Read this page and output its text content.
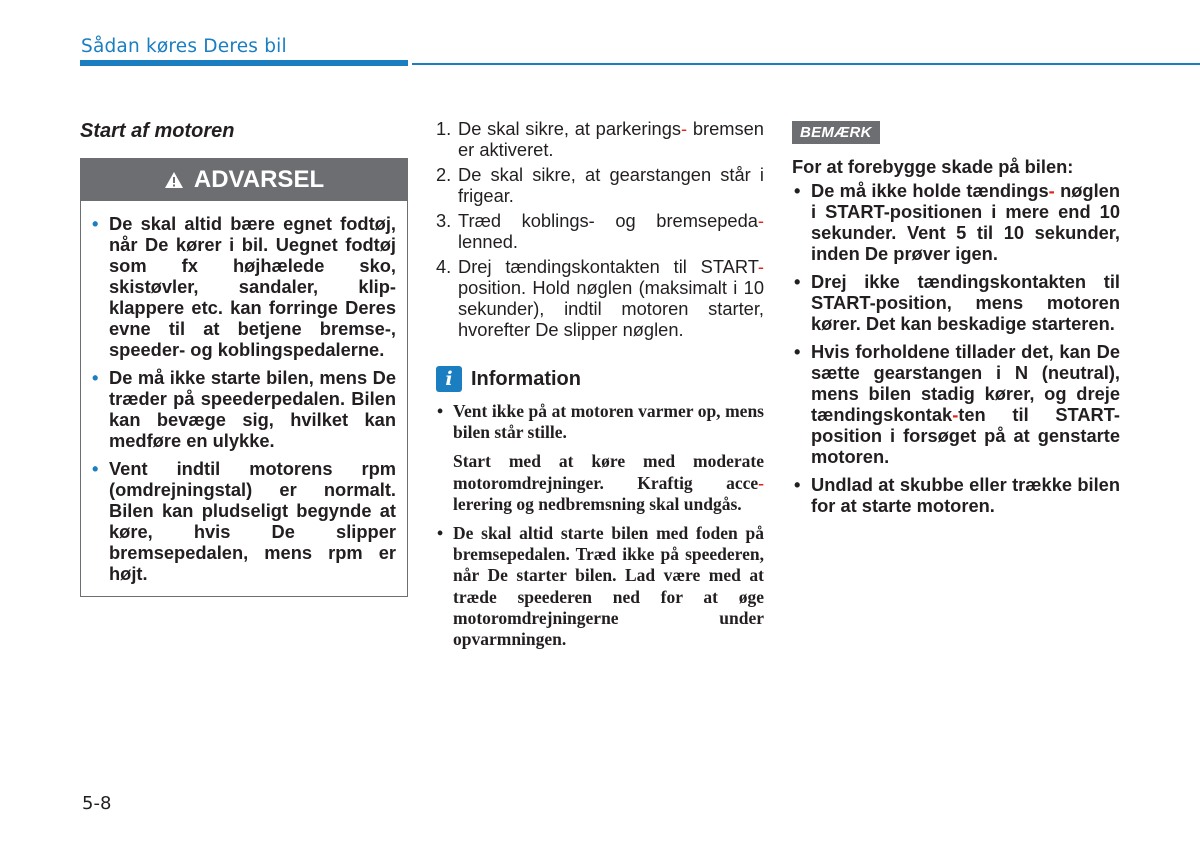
Sådan køres Deres bil
Start af motoren
ADVARSEL
• De skal altid bære egnet fodtøj, når De kører i bil. Uegnet fodtøj som fx højhælede sko, skistøvler, sandaler, klip-klappere etc. kan forringe Deres evne til at betjene bremse-, speeder- og koblingspedalerne.
• De må ikke starte bilen, mens De træder på speederpedalen. Bilen kan bevæge sig, hvilket kan medføre en ulykke.
• Vent indtil motorens rpm (omdrejningstal) er normalt. Bilen kan pludseligt begynde at køre, hvis De slipper bremsepedalen, mens rpm er højt.
1. De skal sikre, at parkerings- bremsen er aktiveret.
2. De skal sikre, at gearstangen står i frigear.
3. Træd koblings- og bremsepeda- lenned.
4. Drej tændingskontakten til START- position. Hold nøglen (maksimalt i 10 sekunder), indtil motoren starter, hvorefter De slipper nøglen.
i Information
• Vent ikke på at motoren varmer op, mens bilen står stille.

Start med at køre med moderate motoromdrejninger. Kraftig acce-lerering og nedbremsning skal undgås.

• De skal altid starte bilen med foden på bremsepedalen. Træd ikke på speederen, når De starter bilen. Lad være med at træde speederen ned for at øge motoromdrejningerne under opvarmningen.
BEMÆRK
For at forebygge skade på bilen:
• De må ikke holde tændings- nøglen i START-positionen i mere end 10 sekunder. Vent 5 til 10 sekunder, inden De prøver igen.
• Drej ikke tændingskontakten til START-position, mens motoren kører. Det kan beskadige starteren.
• Hvis forholdene tillader det, kan De sætte gearstangen i N (neutral), mens bilen stadig kører, og dreje tændingskontak-ten til START-position i forsøget på at genstarte motoren.
• Undlad at skubbe eller trække bilen for at starte motoren.
5-8
